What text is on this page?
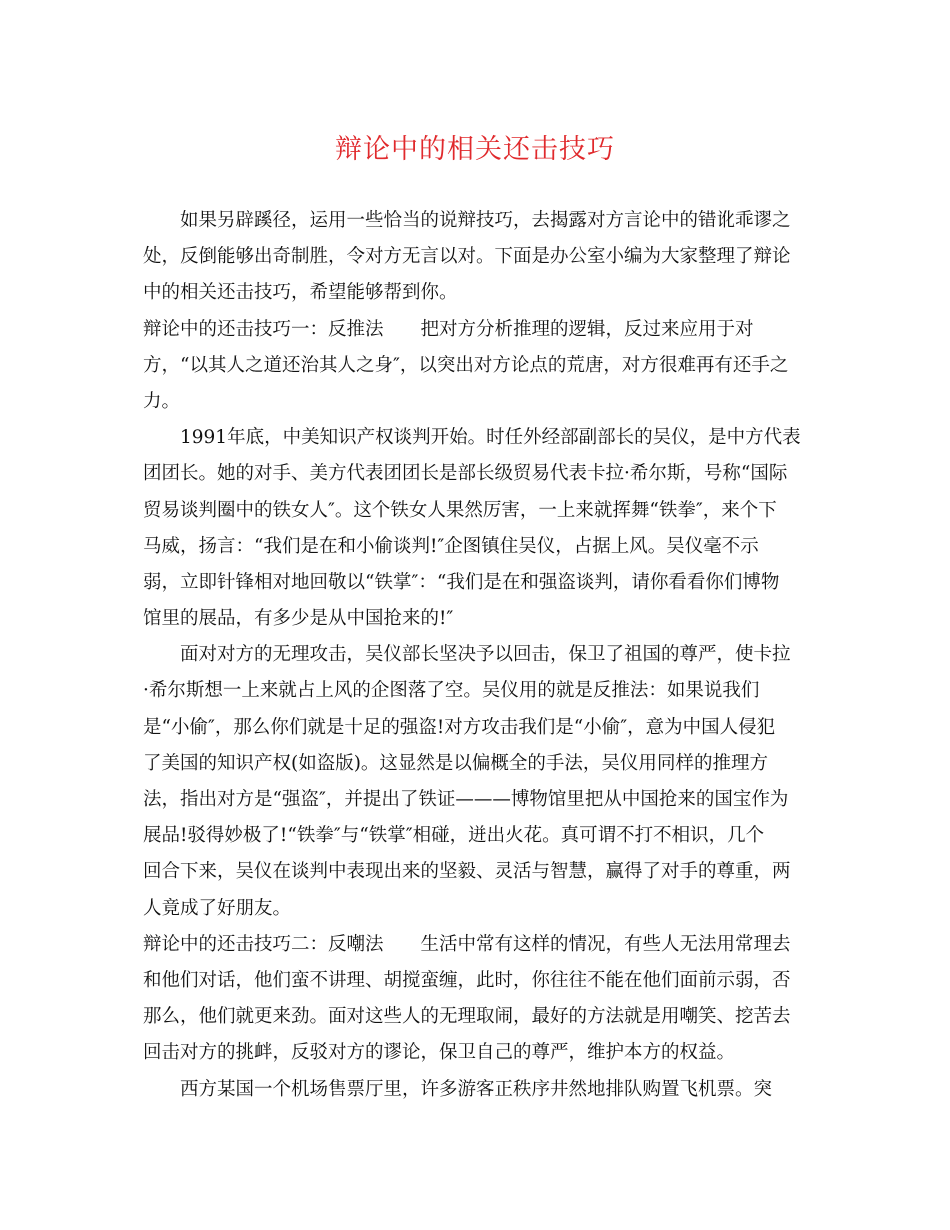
辩论中的相关还击技巧
如果另辟蹊径，运用一些恰当的说辩技巧，去揭露对方言论中的错讹乖谬之
处，反倒能够出奇制胜，令对方无言以对。下面是办公室小编为大家整理了辩论
中的相关还击技巧，希望能够帮到你。
辩论中的还击技巧一：反推法　　把对方分析推理的逻辑，反过来应用于对
方，“以其人之道还治其人之身″，以突出对方论点的荒唐，对方很难再有还手之
力。
1991年底，中美知识产权谈判开始。时任外经部副部长的吴仪，是中方代表
团团长。她的对手、美方代表团团长是部长级贸易代表卡拉·希尔斯，号称“国际
贸易谈判圈中的铁女人″。这个铁女人果然厉害，一上来就挥舞“铁拳″，来个下
马威，扬言：“我们是在和小偷谈判!″企图镇住吴仪，占据上风。吴仪毫不示
弱，立即针锋相对地回敬以“铁掌″：“我们是在和强盗谈判，请你看看你们博物
馆里的展品，有多少是从中国抢来的!″
面对对方的无理攻击，吴仪部长坚决予以回击，保卫了祖国的尊严，使卡拉
·希尔斯想一上来就占上风的企图落了空。吴仪用的就是反推法：如果说我们
是“小偷″，那么你们就是十足的强盗!对方攻击我们是“小偷″，意为中国人侵犯
了美国的知识产权(如盗版)。这显然是以偏概全的手法，吴仪用同样的推理方
法，指出对方是“强盗″，并提出了铁证———博物馆里把从中国抢来的国宝作为
展品!驳得妙极了!“铁拳″与“铁掌″相碰，迸出火花。真可谓不打不相识，几个
回合下来，吴仪在谈判中表现出来的坚毅、灵活与智慧，赢得了对手的尊重，两
人竟成了好朋友。
辩论中的还击技巧二：反嘲法　　生活中常有这样的情况，有些人无法用常理去
和他们对话，他们蛮不讲理、胡搅蛮缠，此时，你往往不能在他们面前示弱，否
那么，他们就更来劲。面对这些人的无理取闹，最好的方法就是用嘲笑、挖苦去
回击对方的挑衅，反驳对方的谬论，保卫自己的尊严，维护本方的权益。
西方某国一个机场售票厅里，许多游客正秩序井然地排队购置飞机票。突
